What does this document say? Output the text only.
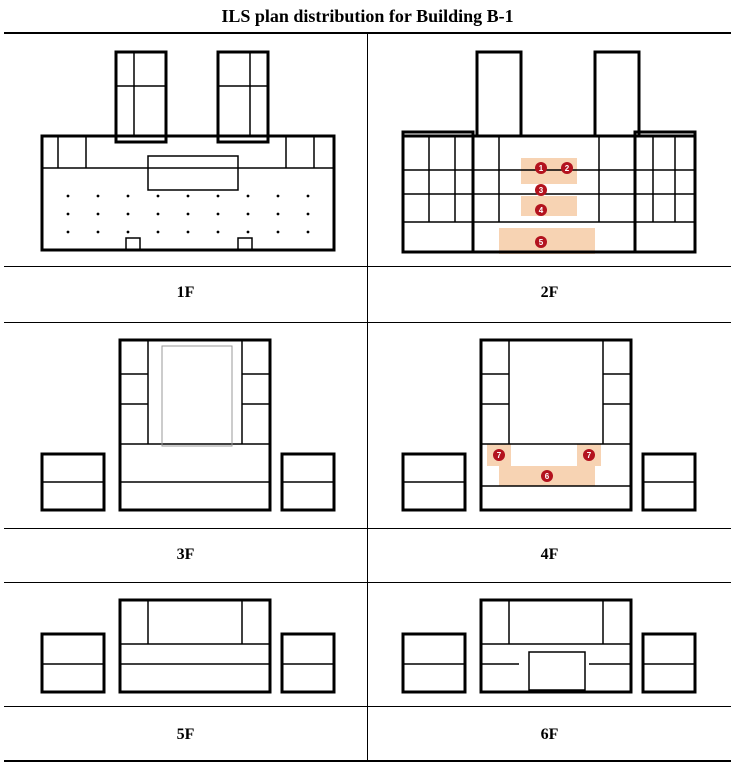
ILS plan distribution for Building B-1
1	2
3
4
5
1F	2F
7	7
6
3F	4F
5F	6F
